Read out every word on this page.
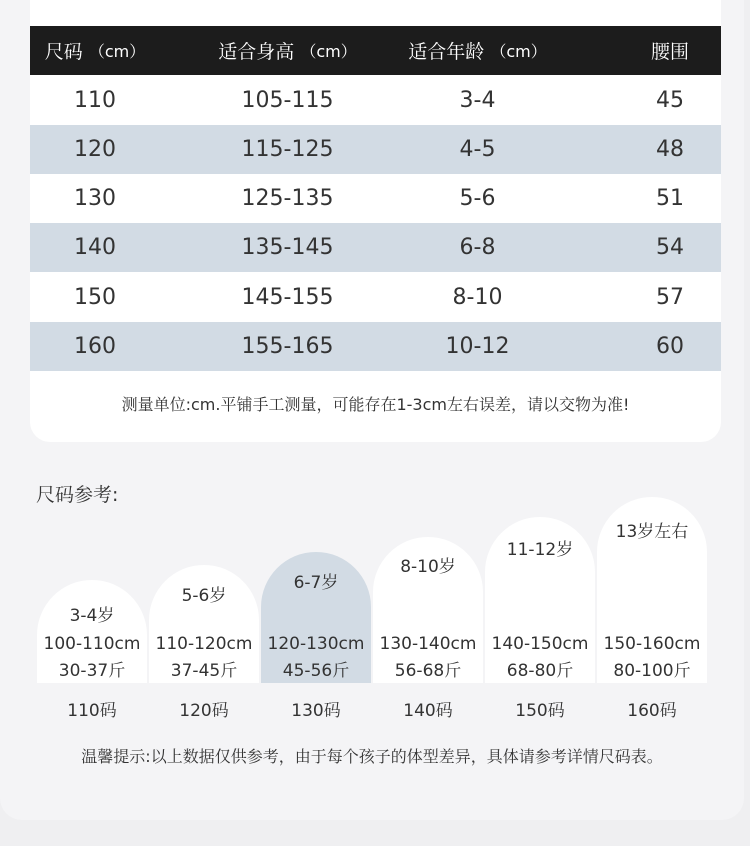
尺码 （cm）	适合身高 （cm）	适合年龄 （cm）	腰围
110	105-115	3-4	45
120	115-125	4-5	48
130	125-135	5-6	51
140	135-145	6-8	54
150	145-155	8-10	57
160	155-165	10-12	60
测量单位:cm.平铺手工测量，可能存在1-3cm左右误差，请以交物为准!
尺码参考:
3-4岁
100-110cm
30-37斤
5-6岁
110-120cm
37-45斤
6-7岁
120-130cm
45-56斤
8-10岁
130-140cm
56-68斤
11-12岁
140-150cm
68-80斤
13岁左右
150-160cm
80-100斤
110码	120码	130码	140码	150码	160码
温馨提示:以上数据仅供参考，由于每个孩子的体型差异，具体请参考详情尺码表。
